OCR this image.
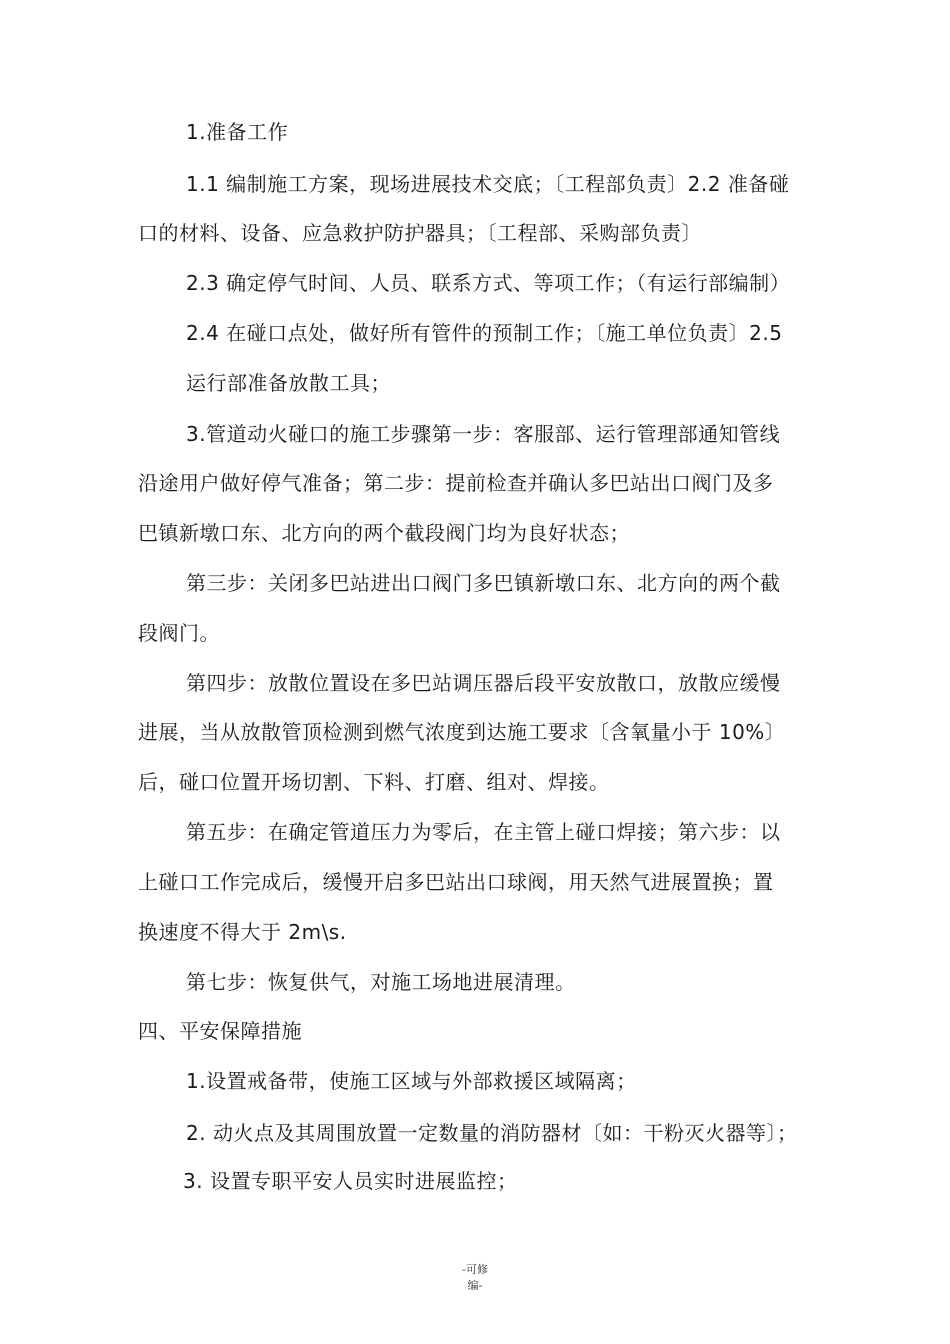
1.准备工作
1.1 编制施工方案，现场进展技术交底；〔工程部负责〕2.2 准备碰
口的材料、设备、应急救护防护器具；〔工程部、采购部负责〕
2.3 确定停气时间、人员、联系方式、等项工作；（有运行部编制）
2.4 在碰口点处，做好所有管件的预制工作；〔施工单位负责〕2.5
运行部准备放散工具；
3.管道动火碰口的施工步骤第一步：客服部、运行管理部通知管线
沿途用户做好停气准备；第二步：提前检查并确认多巴站出口阀门及多
巴镇新墩口东、北方向的两个截段阀门均为良好状态；
第三步：关闭多巴站进出口阀门多巴镇新墩口东、北方向的两个截
段阀门。
第四步：放散位置设在多巴站调压器后段平安放散口，放散应缓慢
进展，当从放散管顶检测到燃气浓度到达施工要求〔含氧量小于 10%〕
后，碰口位置开场切割、下料、打磨、组对、焊接。
第五步：在确定管道压力为零后，在主管上碰口焊接；第六步：以
上碰口工作完成后，缓慢开启多巴站出口球阀，用天然气进展置换；置
换速度不得大于 2m\s.
第七步：恢复供气，对施工场地进展清理。
四、平安保障措施
1.设置戒备带，使施工区域与外部救援区域隔离；
2. 动火点及其周围放置一定数量的消防器材〔如：干粉灭火器等〕；
3. 设置专职平安人员实时进展监控；
-可修
编-
